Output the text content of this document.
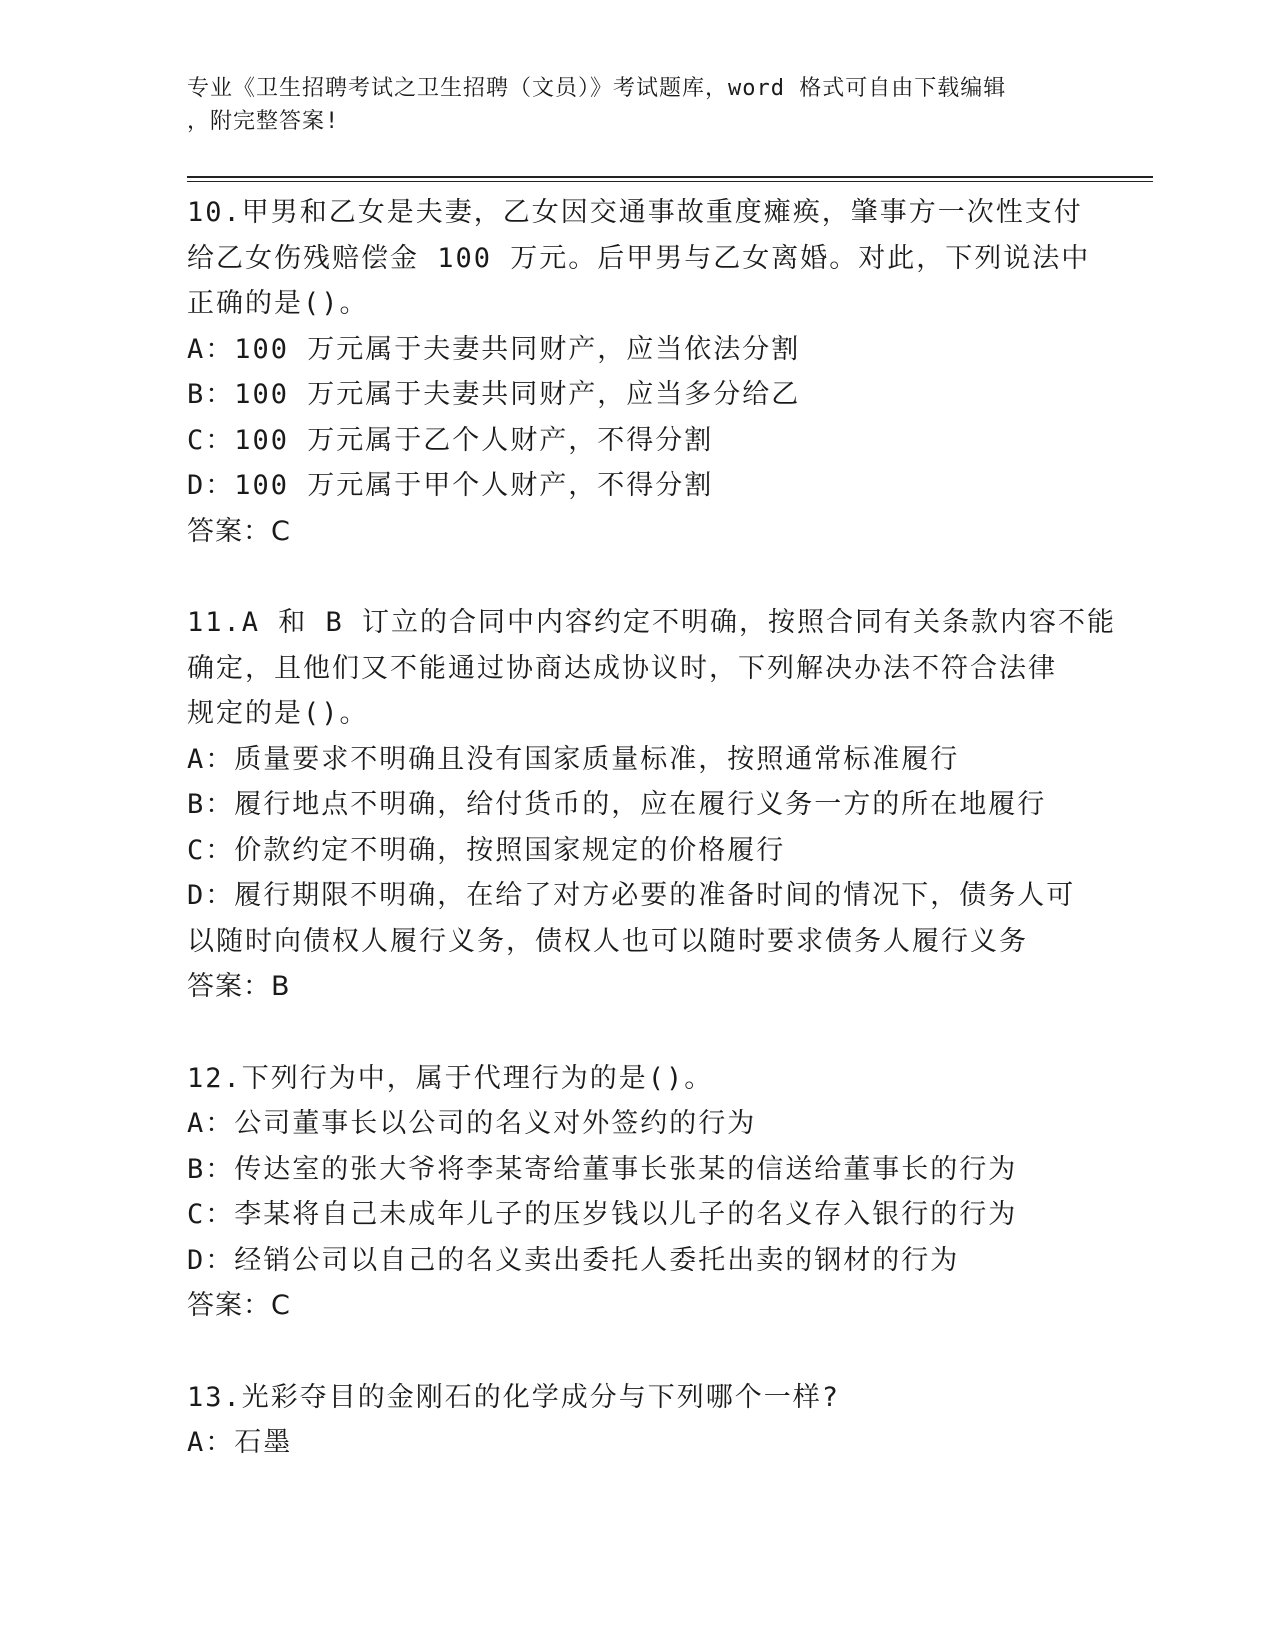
专业《卫生招聘考试之卫生招聘（文员）》考试题库，word 格式可自由下载编辑
，附完整答案!
10.甲男和乙女是夫妻，乙女因交通事故重度瘫痪，肇事方一次性支付
给乙女伤残赔偿金 100 万元。后甲男与乙女离婚。对此，下列说法中
正确的是()。
A：100 万元属于夫妻共同财产，应当依法分割
B：100 万元属于夫妻共同财产，应当多分给乙
C：100 万元属于乙个人财产，不得分割
D：100 万元属于甲个人财产，不得分割
答案：C
11.A 和 B 订立的合同中内容约定不明确，按照合同有关条款内容不能
确定，且他们又不能通过协商达成协议时，下列解决办法不符合法律
规定的是()。
A：质量要求不明确且没有国家质量标准，按照通常标准履行
B：履行地点不明确，给付货币的，应在履行义务一方的所在地履行
C：价款约定不明确，按照国家规定的价格履行
D：履行期限不明确，在给了对方必要的准备时间的情况下，债务人可
以随时向债权人履行义务，债权人也可以随时要求债务人履行义务
答案：B
12.下列行为中，属于代理行为的是()。
A：公司董事长以公司的名义对外签约的行为
B：传达室的张大爷将李某寄给董事长张某的信送给董事长的行为
C：李某将自己未成年儿子的压岁钱以儿子的名义存入银行的行为
D：经销公司以自己的名义卖出委托人委托出卖的钢材的行为
答案：C
13.光彩夺目的金刚石的化学成分与下列哪个一样?
A：石墨
